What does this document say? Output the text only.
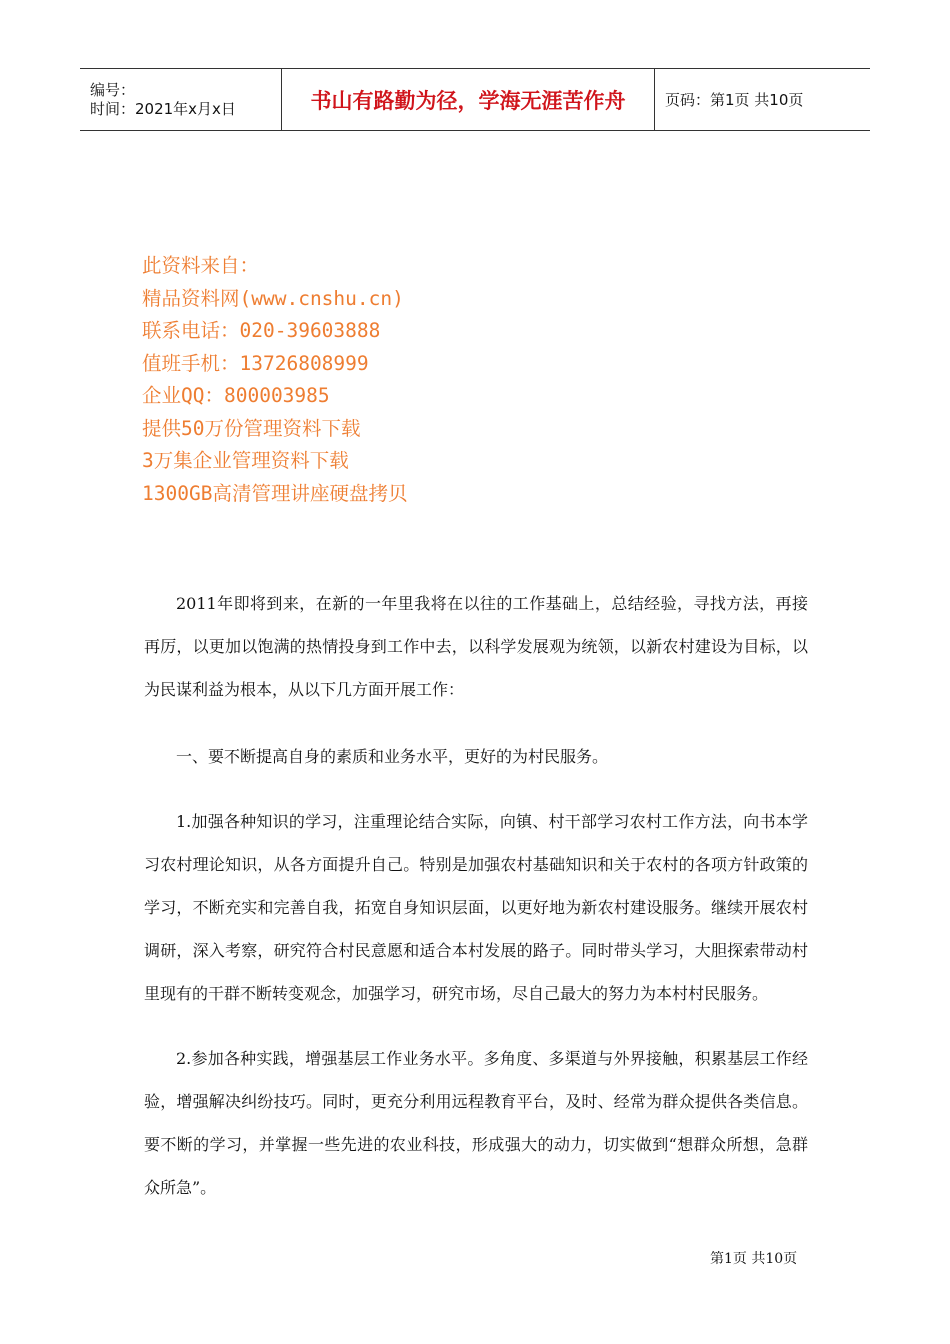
编号：
时间：2021年x月x日	书山有路勤为径，学海无涯苦作舟	页码：第1页 共10页
此资料来自：
精品资料网(www.cnshu.cn)
联系电话：020-39603888
值班手机：13726808999
企业QQ：800003985
提供50万份管理资料下载
3万集企业管理资料下载
1300GB高清管理讲座硬盘拷贝

2011年即将到来，在新的一年里我将在以往的工作基础上，总结经验，寻找方法，再接再厉，以更加以饱满的热情投身到工作中去，以科学发展观为统领，以新农村建设为目标，以为民谋利益为根本，从以下几方面开展工作：

一、要不断提高自身的素质和业务水平，更好的为村民服务。

1.加强各种知识的学习，注重理论结合实际，向镇、村干部学习农村工作方法，向书本学习农村理论知识，从各方面提升自己。特别是加强农村基础知识和关于农村的各项方针政策的学习，不断充实和完善自我，拓宽自身知识层面，以更好地为新农村建设服务。继续开展农村调研，深入考察，研究符合村民意愿和适合本村发展的路子。同时带头学习，大胆探索带动村里现有的干群不断转变观念，加强学习，研究市场，尽自己最大的努力为本村村民服务。

2.参加各种实践，增强基层工作业务水平。多角度、多渠道与外界接触，积累基层工作经验，增强解决纠纷技巧。同时，更充分利用远程教育平台，及时、经常为群众提供各类信息。要不断的学习，并掌握一些先进的农业科技，形成强大的动力，切实做到“想群众所想，急群众所急”。

第1页 共10页
